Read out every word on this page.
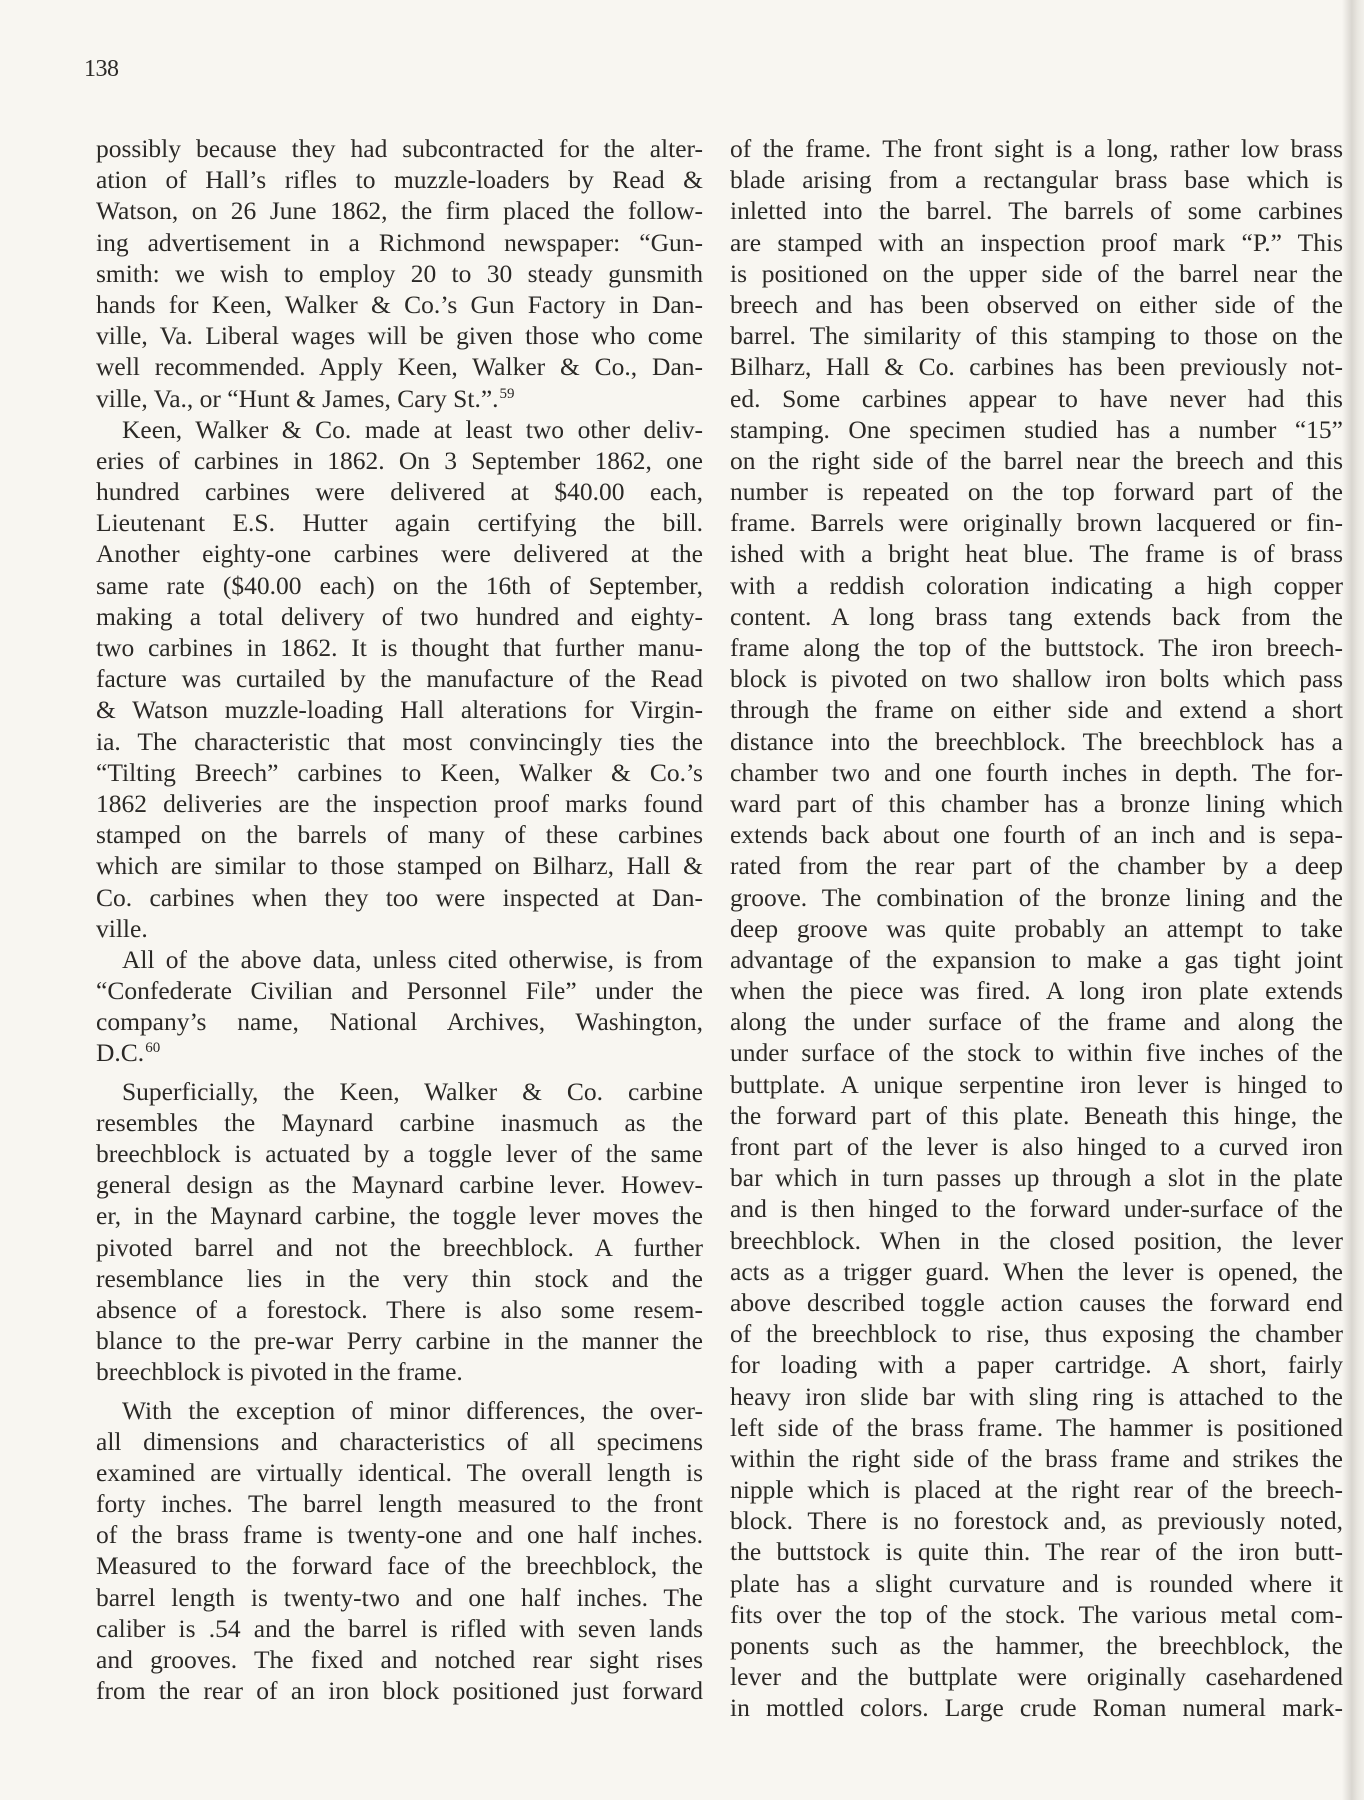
138
possibly because they had subcontracted for the alter-
ation of Hall’s rifles to muzzle-loaders by Read &
Watson, on 26 June 1862, the firm placed the follow-
ing advertisement in a Richmond newspaper: “Gun-
smith: we wish to employ 20 to 30 steady gunsmith
hands for Keen, Walker & Co.’s Gun Factory in Dan-
ville, Va. Liberal wages will be given those who come
well recommended. Apply Keen, Walker & Co., Dan-
ville, Va., or “Hunt & James, Cary St.”.$^{59}$
Keen, Walker & Co. made at least two other deliv-
eries of carbines in 1862. On 3 September 1862, one
hundred carbines were delivered at $40.00 each,
Lieutenant E.S. Hutter again certifying the bill.
Another eighty-one carbines were delivered at the
same rate ($40.00 each) on the 16th of September,
making a total delivery of two hundred and eighty-
two carbines in 1862. It is thought that further manu-
facture was curtailed by the manufacture of the Read
& Watson muzzle-loading Hall alterations for Virgin-
ia. The characteristic that most convincingly ties the
“Tilting Breech” carbines to Keen, Walker & Co.’s
1862 deliveries are the inspection proof marks found
stamped on the barrels of many of these carbines
which are similar to those stamped on Bilharz, Hall &
Co. carbines when they too were inspected at Dan-
ville.
All of the above data, unless cited otherwise, is from
“Confederate Civilian and Personnel File” under the
company’s name, National Archives, Washington,
D.C.$^{60}$
Superficially, the Keen, Walker & Co. carbine
resembles the Maynard carbine inasmuch as the
breechblock is actuated by a toggle lever of the same
general design as the Maynard carbine lever. Howev-
er, in the Maynard carbine, the toggle lever moves the
pivoted barrel and not the breechblock. A further
resemblance lies in the very thin stock and the
absence of a forestock. There is also some resem-
blance to the pre-war Perry carbine in the manner the
breechblock is pivoted in the frame.
With the exception of minor differences, the over-
all dimensions and characteristics of all specimens
examined are virtually identical. The overall length is
forty inches. The barrel length measured to the front
of the brass frame is twenty-one and one half inches.
Measured to the forward face of the breechblock, the
barrel length is twenty-two and one half inches. The
caliber is .54 and the barrel is rifled with seven lands
and grooves. The fixed and notched rear sight rises
from the rear of an iron block positioned just forward
of the frame. The front sight is a long, rather low brass
blade arising from a rectangular brass base which is
inletted into the barrel. The barrels of some carbines
are stamped with an inspection proof mark “P.” This
is positioned on the upper side of the barrel near the
breech and has been observed on either side of the
barrel. The similarity of this stamping to those on the
Bilharz, Hall & Co. carbines has been previously not-
ed. Some carbines appear to have never had this
stamping. One specimen studied has a number “15”
on the right side of the barrel near the breech and this
number is repeated on the top forward part of the
frame. Barrels were originally brown lacquered or fin-
ished with a bright heat blue. The frame is of brass
with a reddish coloration indicating a high copper
content. A long brass tang extends back from the
frame along the top of the buttstock. The iron breech-
block is pivoted on two shallow iron bolts which pass
through the frame on either side and extend a short
distance into the breechblock. The breechblock has a
chamber two and one fourth inches in depth. The for-
ward part of this chamber has a bronze lining which
extends back about one fourth of an inch and is sepa-
rated from the rear part of the chamber by a deep
groove. The combination of the bronze lining and the
deep groove was quite probably an attempt to take
advantage of the expansion to make a gas tight joint
when the piece was fired. A long iron plate extends
along the under surface of the frame and along the
under surface of the stock to within five inches of the
buttplate. A unique serpentine iron lever is hinged to
the forward part of this plate. Beneath this hinge, the
front part of the lever is also hinged to a curved iron
bar which in turn passes up through a slot in the plate
and is then hinged to the forward under-surface of the
breechblock. When in the closed position, the lever
acts as a trigger guard. When the lever is opened, the
above described toggle action causes the forward end
of the breechblock to rise, thus exposing the chamber
for loading with a paper cartridge. A short, fairly
heavy iron slide bar with sling ring is attached to the
left side of the brass frame. The hammer is positioned
within the right side of the brass frame and strikes the
nipple which is placed at the right rear of the breech-
block. There is no forestock and, as previously noted,
the buttstock is quite thin. The rear of the iron butt-
plate has a slight curvature and is rounded where it
fits over the top of the stock. The various metal com-
ponents such as the hammer, the breechblock, the
lever and the buttplate were originally casehardened
in mottled colors. Large crude Roman numeral mark-
